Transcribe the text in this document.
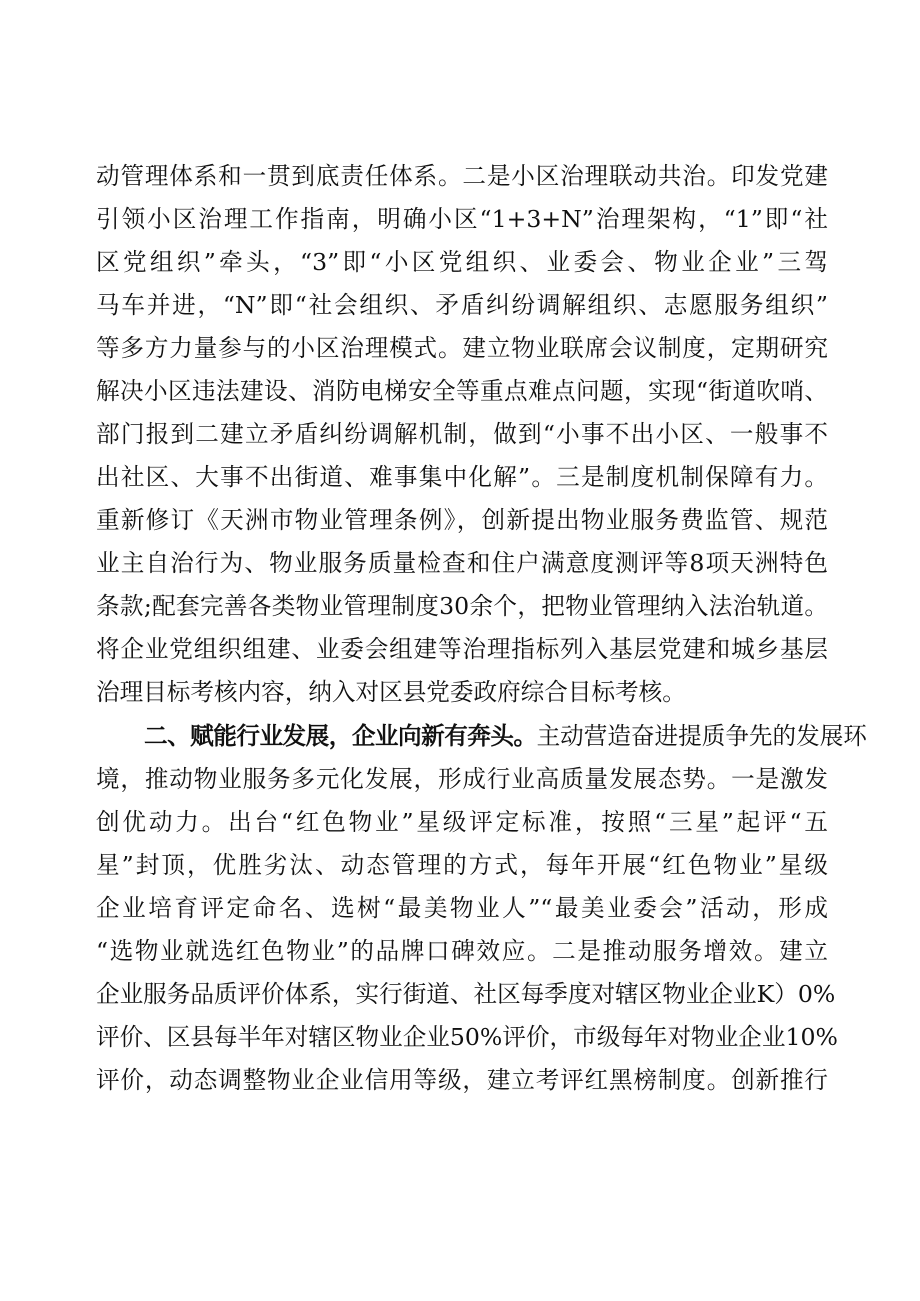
动管理体系和一贯到底责任体系。二是小区治理联动共治。印发党建
引领小区治理工作指南，明确小区“1+3+N”治理架构，“1”即“社
区党组织”牵头，“3”即“小区党组织、业委会、物业企业”三驾
马车并进，“N”即“社会组织、矛盾纠纷调解组织、志愿服务组织”
等多方力量参与的小区治理模式。建立物业联席会议制度，定期研究
解决小区违法建设、消防电梯安全等重点难点问题，实现“街道吹哨、
部门报到二建立矛盾纠纷调解机制，做到“小事不出小区、一般事不
出社区、大事不出街道、难事集中化解”。三是制度机制保障有力。
重新修订《天洲市物业管理条例》，创新提出物业服务费监管、规范
业主自治行为、物业服务质量检查和住户满意度测评等8项天洲特色
条款;配套完善各类物业管理制度30余个，把物业管理纳入法治轨道。
将企业党组织组建、业委会组建等治理指标列入基层党建和城乡基层
治理目标考核内容，纳入对区县党委政府综合目标考核。
二、赋能行业发展，企业向新有奔头。主动营造奋进提质争先的发展环
境，推动物业服务多元化发展，形成行业高质量发展态势。一是激发
创优动力。出台“红色物业”星级评定标准，按照“三星”起评“五
星”封顶，优胜劣汰、动态管理的方式，每年开展“红色物业”星级
企业培育评定命名、选树“最美物业人”“最美业委会”活动，形成
“选物业就选红色物业”的品牌口碑效应。二是推动服务增效。建立
企业服务品质评价体系，实行街道、社区每季度对辖区物业企业K）0%
评价、区县每半年对辖区物业企业50%评价，市级每年对物业企业10%
评价，动态调整物业企业信用等级，建立考评红黑榜制度。创新推行
